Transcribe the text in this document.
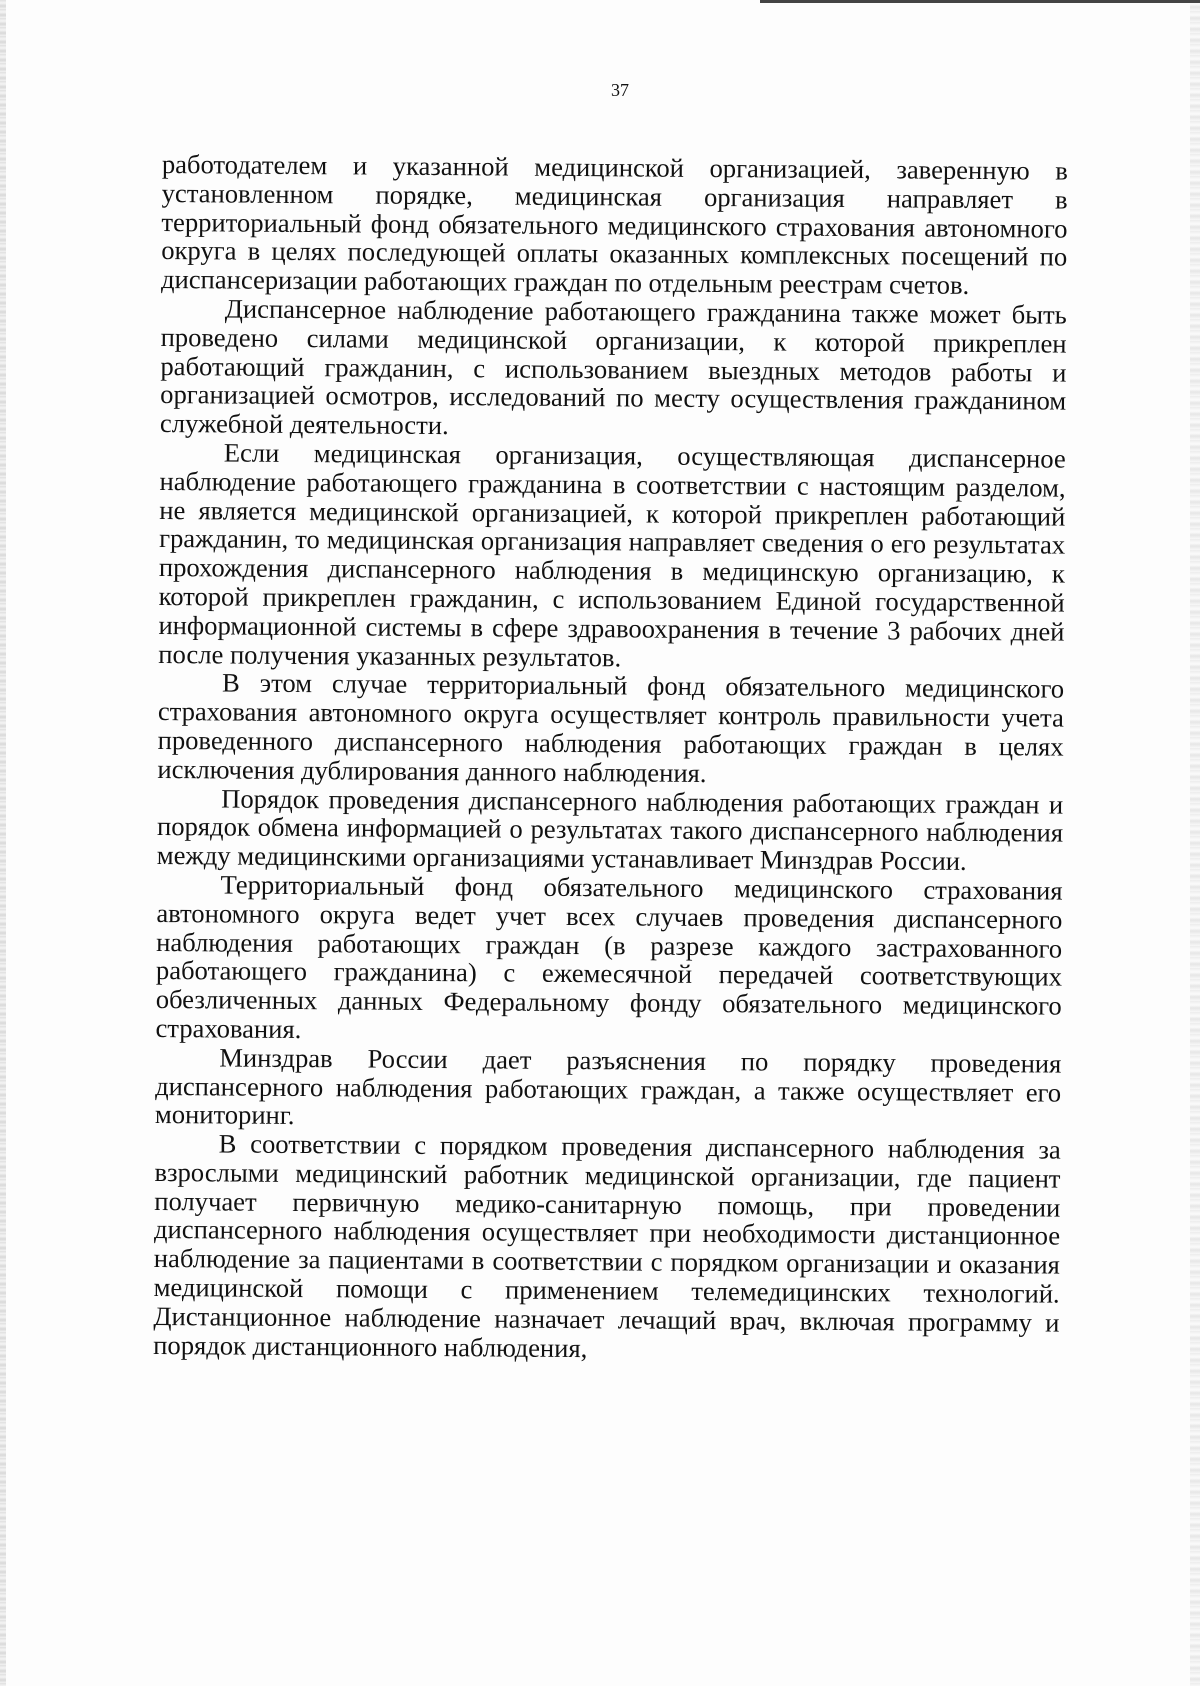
37

работодателем и указанной медицинской организацией, заверенную в установленном порядке, медицинская организация направляет в территориальный фонд обязательного медицинского страхования автономного округа в целях последующей оплаты оказанных комплексных посещений по диспансеризации работающих граждан по отдельным реестрам счетов.

Диспансерное наблюдение работающего гражданина также может быть проведено силами медицинской организации, к которой прикреплен работающий гражданин, с использованием выездных методов работы и организацией осмотров, исследований по месту осуществления гражданином служебной деятельности.

Если медицинская организация, осуществляющая диспансерное наблюдение работающего гражданина в соответствии с настоящим разделом, не является медицинской организацией, к которой прикреплен работающий гражданин, то медицинская организация направляет сведения о его результатах прохождения диспансерного наблюдения в медицинскую организацию, к которой прикреплен гражданин, с использованием Единой государственной информационной системы в сфере здравоохранения в течение 3 рабочих дней после получения указанных результатов.

В этом случае территориальный фонд обязательного медицинского страхования автономного округа осуществляет контроль правильности учета проведенного диспансерного наблюдения работающих граждан в целях исключения дублирования данного наблюдения.

Порядок проведения диспансерного наблюдения работающих граждан и порядок обмена информацией о результатах такого диспансерного наблюдения между медицинскими организациями устанавливает Минздрав России.

Территориальный фонд обязательного медицинского страхования автономного округа ведет учет всех случаев проведения диспансерного наблюдения работающих граждан (в разрезе каждого застрахованного работающего гражданина) с ежемесячной передачей соответствующих обезличенных данных Федеральному фонду обязательного медицинского страхования.

Минздрав России дает разъяснения по порядку проведения диспансерного наблюдения работающих граждан, а также осуществляет его мониторинг.

В соответствии с порядком проведения диспансерного наблюдения за взрослыми медицинский работник медицинской организации, где пациент получает первичную медико-санитарную помощь, при проведении диспансерного наблюдения осуществляет при необходимости дистанционное наблюдение за пациентами в соответствии с порядком организации и оказания медицинской помощи с применением телемедицинских технологий. Дистанционное наблюдение назначает лечащий врач, включая программу и порядок дистанционного наблюдения,
